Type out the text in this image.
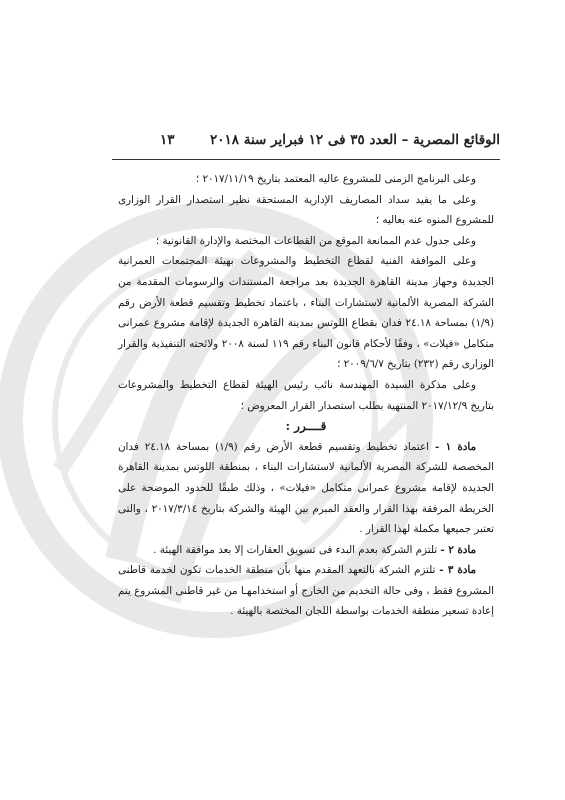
الوقائع المصرية – العدد ٣٥ فى ١٢ فبراير سنة ٢٠١٨
١٣

وعلى البرنامج الزمنى للمشروع عاليه المعتمد بتاريخ ٢٠١٧/١١/١٩ ؛

وعلى ما يفيد سداد المصاريف الإدارية المستحقة نظير استصدار القرار الوزارى للمشروع المنوه عنه بعاليه ؛

وعلى جدول عدم الممانعة الموقع من القطاعات المختصة والإدارة القانونية ؛

وعلى الموافقة الفنية لقطاع التخطيط والمشروعات بهيئة المجتمعات العمرانية الجديدة وجهاز مدينة القاهرة الجديدة بعد مراجعة المستندات والرسومات المقدمة من الشركة المصرية الألمانية لاستشارات البناء ، باعتماد تخطيط وتقسيم قطعة الأرض رقم (١/٩) بمساحة ٢٤.١٨ فدان بقطاع اللوتس بمدينة القاهرة الجديدة لإقامة مشروع عمرانى متكامل «فيلات» ، وفقًا لأحكام قانون البناء رقم ١١٩ لسنة ٢٠٠٨ ولائحته التنفيذية والقرار الوزارى رقم (٢٣٢) بتاريخ ٢٠٠٩/٦/٧ ؛

وعلى مذكرة السيدة المهندسة نائب رئيس الهيئة لقطاع التخطيط والمشروعات بتاريخ ٢٠١٧/١٢/٩ المنتهية بطلب استصدار القرار المعروض ؛

قــــرر :

مادة ١ - اعتماد تخطيط وتقسيم قطعة الأرض رقم (١/٩) بمساحة ٢٤.١٨ فدان المخصصة للشركة المصرية الألمانية لاستشارات البناء ، بمنطقة اللوتس بمدينة القاهرة الجديدة لإقامة مشروع عمرانى متكامل «فيلات» ، وذلك طبقًا للحدود الموضحة على الخريطة المرفقة بهذا القرار والعقد المبرم بين الهيئة والشركة بتاريخ ٢٠١٧/٣/١٤ ، والتى تعتبر جميعها مكملة لهذا القرار .

مادة ٢ - تلتزم الشركة بعدم البدء فى تسويق العقارات إلا بعد موافقة الهيئة .

مادة ٣ - تلتزم الشركة بالتعهد المقدم منها بأن منطقة الخدمات تكون لخدمة قاطنى المشروع فقط ، وفى حالة التخديم من الخارج أو استخدامهـا من غير قاطنى المشروع يتم إعادة تسعير منطقة الخدمات بواسطة اللجان المختصة بالهيئة .
